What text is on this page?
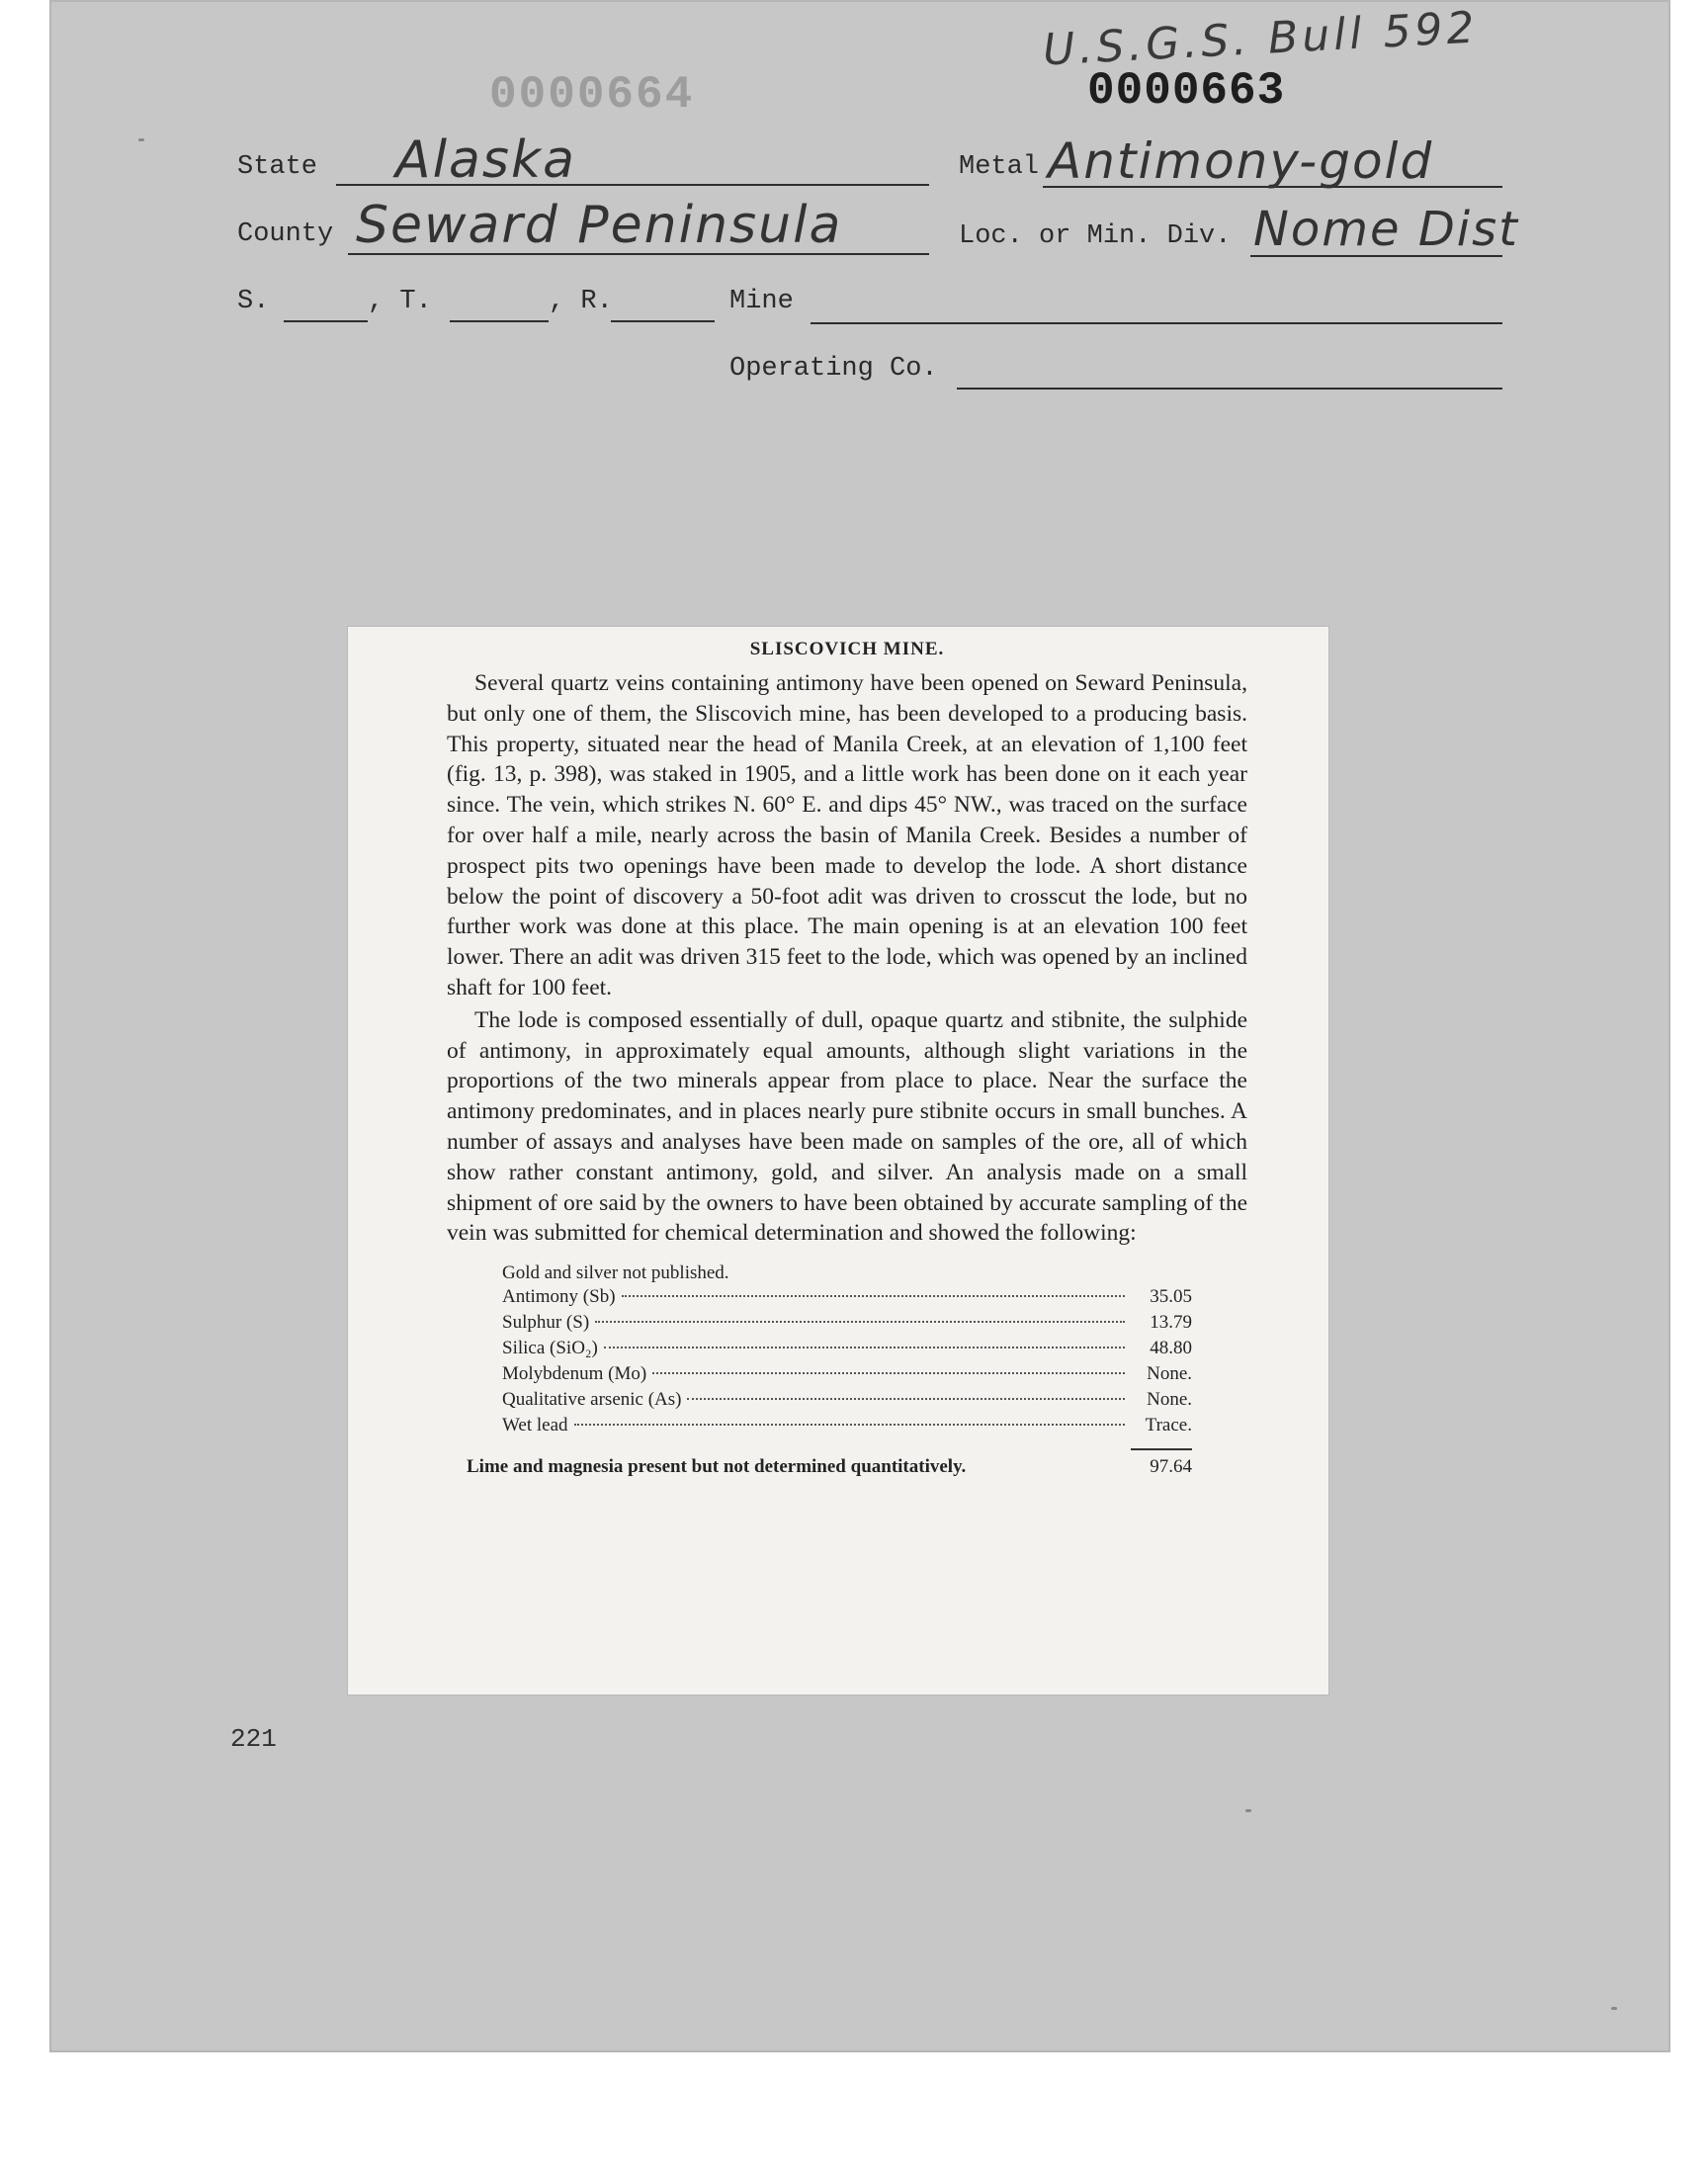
U.S.G.S. Bull 592
0000664	0000663
State Alaska	Metal Antimony-gold
County Seward Peninsula	Loc. or Min. Div. Nome Dist
S.	, T.	, R.	Mine
Operating Co.
SLISCOVICH MINE.

Several quartz veins containing antimony have been opened on Seward Peninsula, but only one of them, the Sliscovich mine, has been developed to a producing basis. This property, situated near the head of Manila Creek, at an elevation of 1,100 feet (fig. 13, p. 398), was staked in 1905, and a little work has been done on it each year since. The vein, which strikes N. 60° E. and dips 45° NW., was traced on the surface for over half a mile, nearly across the basin of Manila Creek. Besides a number of prospect pits two openings have been made to develop the lode. A short distance below the point of discovery a 50-foot adit was driven to crosscut the lode, but no further work was done at this place. The main opening is at an elevation 100 feet lower. There an adit was driven 315 feet to the lode, which was opened by an inclined shaft for 100 feet.

The lode is composed essentially of dull, opaque quartz and stibnite, the sulphide of antimony, in approximately equal amounts, although slight variations in the proportions of the two minerals appear from place to place. Near the surface the antimony predominates, and in places nearly pure stibnite occurs in small bunches. A number of assays and analyses have been made on samples of the ore, all of which show rather constant antimony, gold, and silver. An analysis made on a small shipment of ore said by the owners to have been obtained by accurate sampling of the vein was submitted for chemical determination and showed the following:

Gold and silver not published.
Antimony (Sb)	35.05
Sulphur (S)	13.79
Silica (SiO₂)	48.80
Molybdenum (Mo)	None.
Qualitative arsenic (As)	None.
Wet lead	Trace.
Lime and magnesia present but not determined quantitatively.	97.64
221
